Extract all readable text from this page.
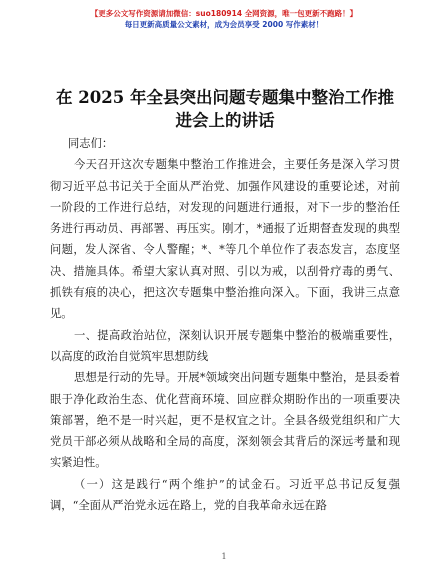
【更多公文写作资源请加微信：suo180914 全网资源，唯一包更新不跑路！】
每日更新高质量公文素材，成为会员享受 2000 写作素材！
在 2025 年全县突出问题专题集中整治工作推进会上的讲话

同志们：

今天召开这次专题集中整治工作推进会，主要任务是深入学习贯彻习近平总书记关于全面从严治党、加强作风建设的重要论述，对前一阶段的工作进行总结，对发现的问题进行通报，对下一步的整治任务进行再动员、再部署、再压实。刚才，*通报了近期督查发现的典型问题，发人深省、令人警醒；*、*等几个单位作了表态发言，态度坚决、措施具体。希望大家认真对照、引以为戒，以刮骨疗毒的勇气、抓铁有痕的决心，把这次专题集中整治推向深入。下面，我讲三点意见。

一、提高政治站位，深刻认识开展专题集中整治的极端重要性，以高度的政治自觉筑牢思想防线

思想是行动的先导。开展*领域突出问题专题集中整治，是县委着眼于净化政治生态、优化营商环境、回应群众期盼作出的一项重要决策部署，绝不是一时兴起，更不是权宜之计。全县各级党组织和广大党员干部必须从战略和全局的高度，深刻领会其背后的深远考量和现实紧迫性。

（一）这是践行“两个维护”的试金石。习近平总书记反复强调，“全面从严治党永远在路上，党的自我革命永远在路

1
